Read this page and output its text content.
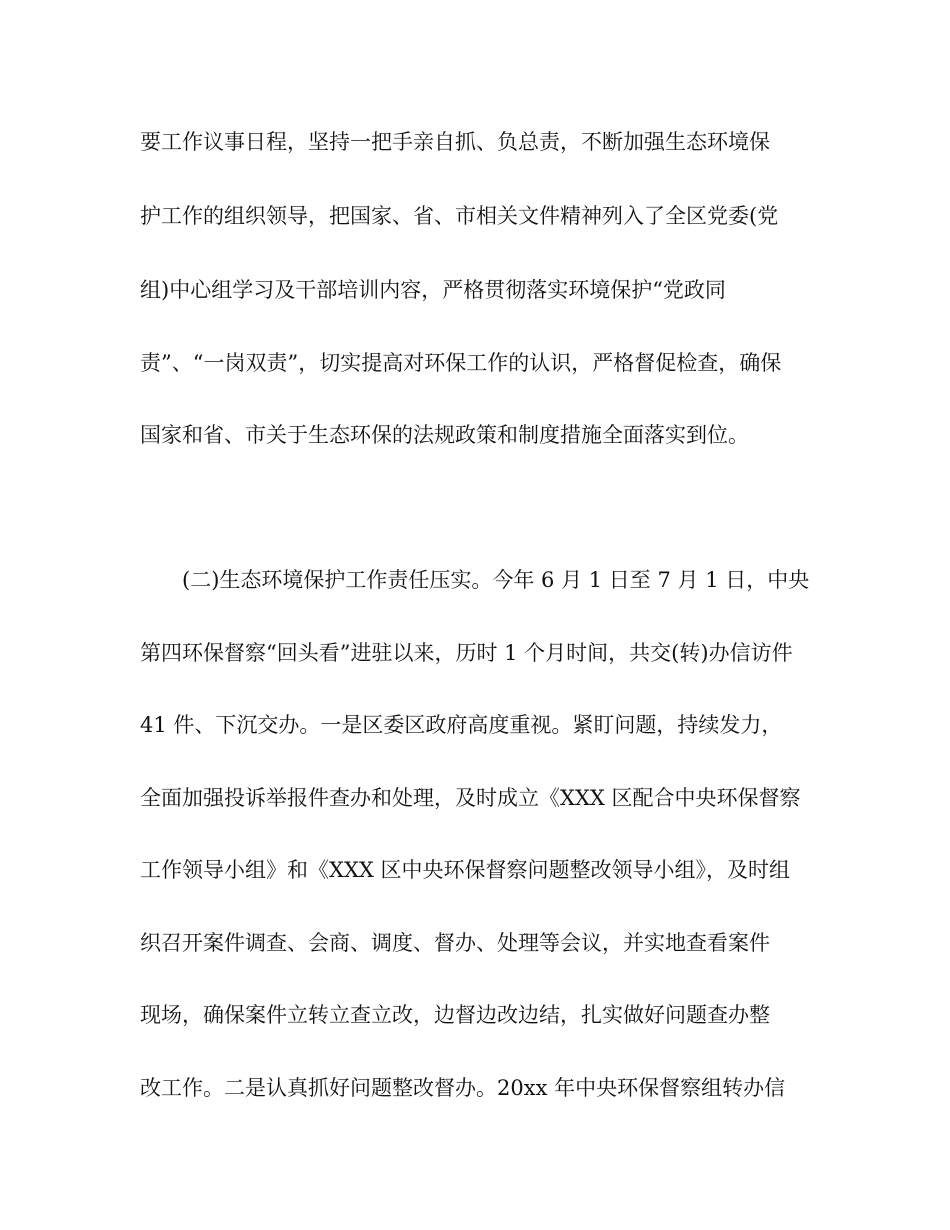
要工作议事日程，坚持一把手亲自抓、负总责，不断加强生态环境保
护工作的组织领导，把国家、省、市相关文件精神列入了全区党委(党
组)中心组学习及干部培训内容，严格贯彻落实环境保护“党政同
责”、“一岗双责”，切实提高对环保工作的认识，严格督促检查，确保
国家和省、市关于生态环保的法规政策和制度措施全面落实到位。
(二)生态环境保护工作责任压实。今年 6 月 1 日至 7 月 1 日，中央
第四环保督察“回头看”进驻以来，历时 1 个月时间，共交(转)办信访件
41 件、下沉交办。一是区委区政府高度重视。紧盯问题，持续发力，
全面加强投诉举报件查办和处理，及时成立《XXX 区配合中央环保督察
工作领导小组》和《XXX 区中央环保督察问题整改领导小组》，及时组
织召开案件调查、会商、调度、督办、处理等会议，并实地查看案件
现场，确保案件立转立查立改，边督边改边结，扎实做好问题查办整
改工作。二是认真抓好问题整改督办。20xx 年中央环保督察组转办信
